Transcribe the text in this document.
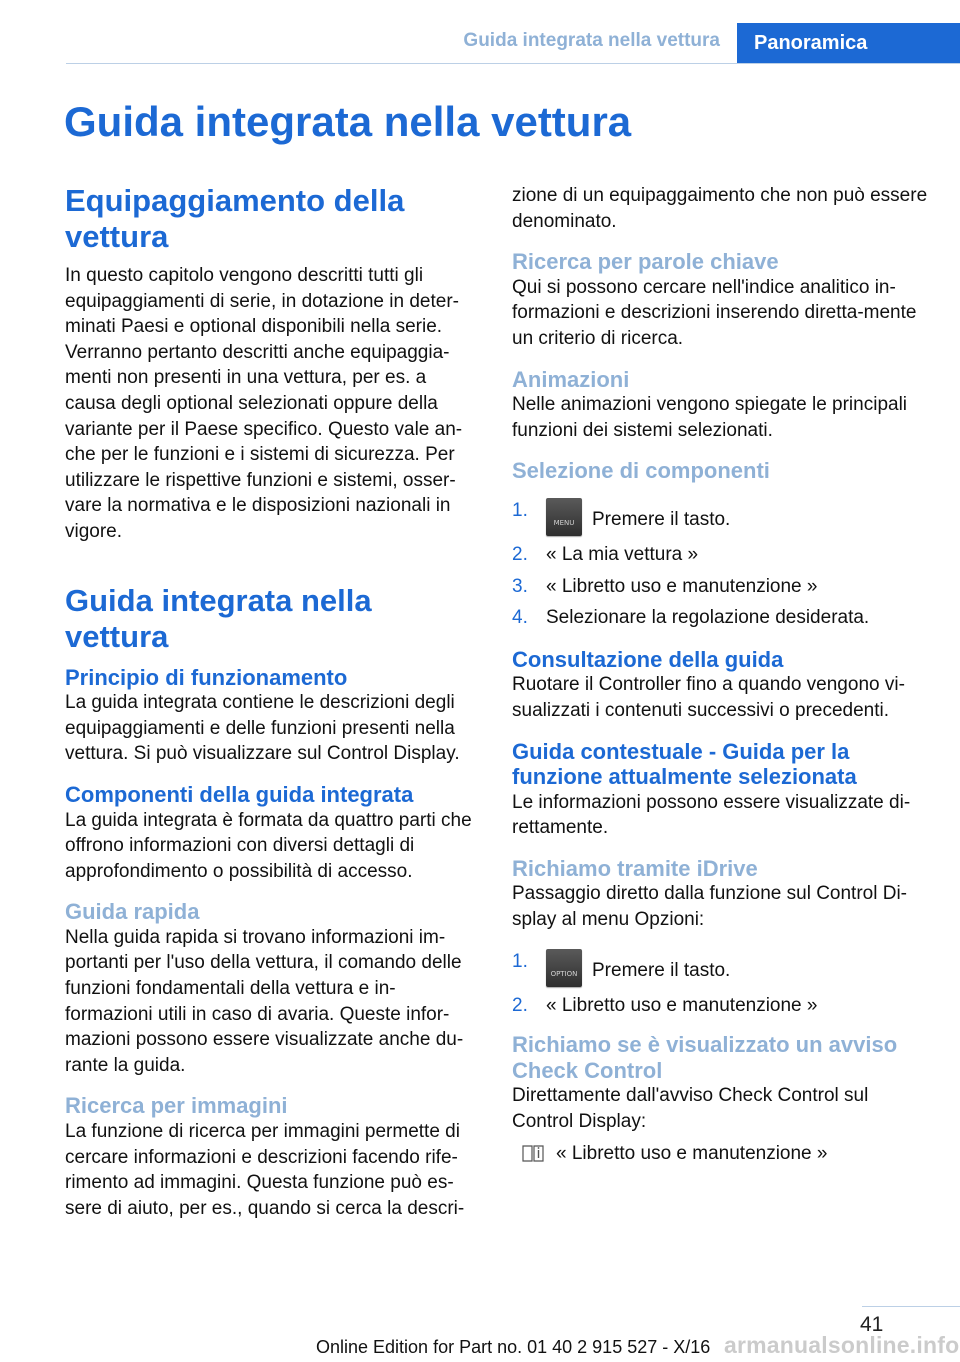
Guida integrata nella vettura	Panoramica
Guida integrata nella vettura
Equipaggiamento della vettura

In questo capitolo vengono descritti tutti gli equipaggiamenti di serie, in dotazione in deter‐minati Paesi e optional disponibili nella serie. Verranno pertanto descritti anche equipaggia‐menti non presenti in una vettura, per es. a causa degli optional selezionati oppure della variante per il Paese specifico. Questo vale an‐che per le funzioni e i sistemi di sicurezza. Per utilizzare le rispettive funzioni e sistemi, osser‐vare la normativa e le disposizioni nazionali in vigore.

Guida integrata nella vettura
Principio di funzionamento

La guida integrata contiene le descrizioni degli equipaggiamenti e delle funzioni presenti nella vettura. Si può visualizzare sul Control Display.

Componenti della guida integrata

La guida integrata è formata da quattro parti che offrono informazioni con diversi dettagli di approfondimento o possibilità di accesso.

Guida rapida

Nella guida rapida si trovano informazioni im‐portanti per l'uso della vettura, il comando delle funzioni fondamentali della vettura e in‐formazioni utili in caso di avaria. Queste infor‐mazioni possono essere visualizzate anche du‐rante la guida.

Ricerca per immagini

La funzione di ricerca per immagini permette di cercare informazioni e descrizioni facendo rife‐rimento ad immagini. Questa funzione può es‐sere di aiuto, per es., quando si cerca la descri‐

zione di un equipaggaimento che non può essere denominato.

Ricerca per parole chiave

Qui si possono cercare nell'indice analitico in‐formazioni e descrizioni inserendo diretta‐mente un criterio di ricerca.

Animazioni

Nelle animazioni vengono spiegate le principali funzioni dei sistemi selezionati.

Selezione di componenti
1.
MENU Premere il tasto.
2. « La mia vettura »
3. « Libretto uso e manutenzione »
4. Selezionare la regolazione desiderata.
Consultazione della guida

Ruotare il Controller fino a quando vengono vi‐sualizzati i contenuti successivi o precedenti.

Guida contestuale - Guida per la funzione attualmente selezionata

Le informazioni possono essere visualizzate di‐rettamente.

Richiamo tramite iDrive

Passaggio diretto dalla funzione sul Control Di‐splay al menu Opzioni:

1.
OPTION Premere il tasto.
2. « Libretto uso e manutenzione »
Richiamo se è visualizzato un avviso Check Control

Direttamente dall'avviso Check Control sul Control Display:

« Libretto uso e manutenzione »
41
Online Edition for Part no. 01 40 2 915 527 - X/16 armanualsonline.info
